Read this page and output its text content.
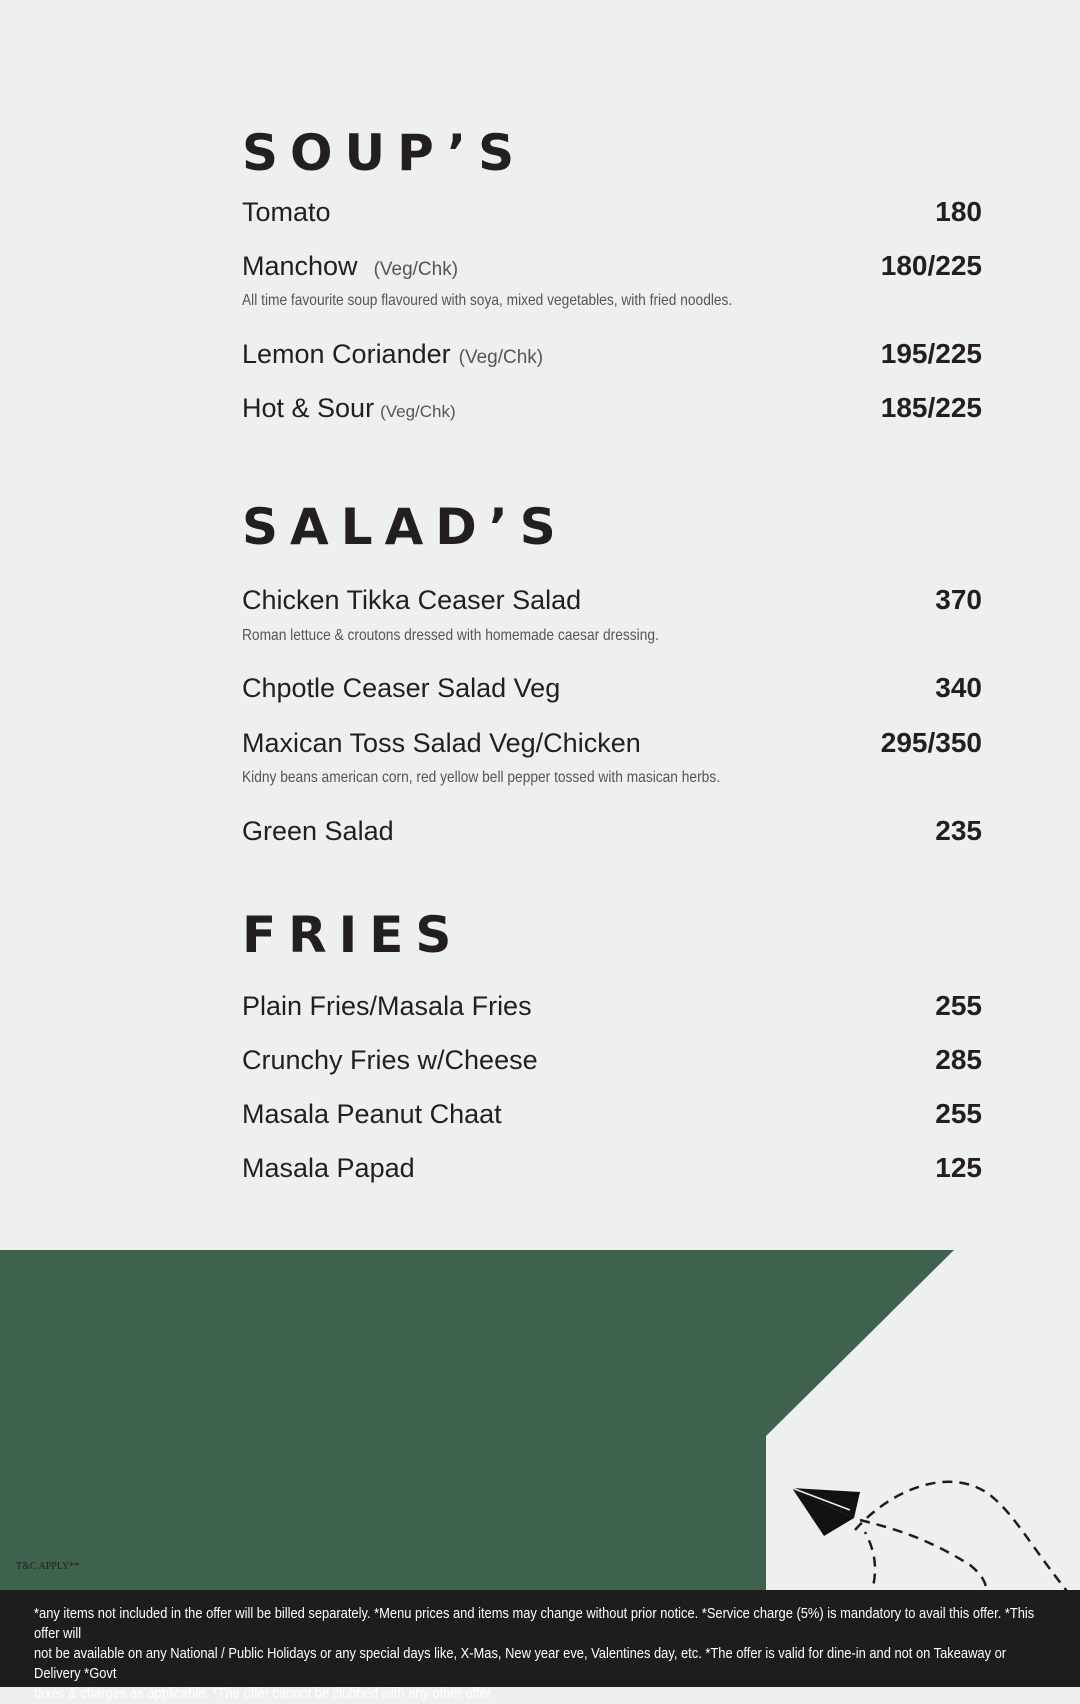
SOUP’S
Tomato	180
Manchow (Veg/Chk)	180/225
All time favourite soup flavoured with soya, mixed vegetables, with fried noodles.
Lemon Coriander (Veg/Chk)	195/225
Hot & Sour (Veg/Chk)	185/225
SALAD’S
Chicken Tikka Ceaser Salad	370
Roman lettuce & croutons dressed with homemade caesar dressing.
Chpotle Ceaser Salad Veg	340
Maxican Toss Salad Veg/Chicken	295/350
Kidny beans american corn, red yellow bell pepper tossed with masican herbs.
Green Salad	235
FRIES
Plain Fries/Masala Fries	255
Crunchy Fries w/Cheese	285
Masala Peanut Chaat	255
Masala Papad	125
T&C APPLY**
*any items not included in the offer will be billed separately. *Menu prices and items may change without prior notice. *Service charge (5%) is mandatory to avail this offer. *This offer will
not be available on any National / Public Holidays or any special days like, X-Mas, New year eve, Valentines day, etc. *The offer is valid for dine-in and not on Takeaway or Delivery *Govt
taxes & charges as applicable. *The offer cannot be clubbed with any other offer
